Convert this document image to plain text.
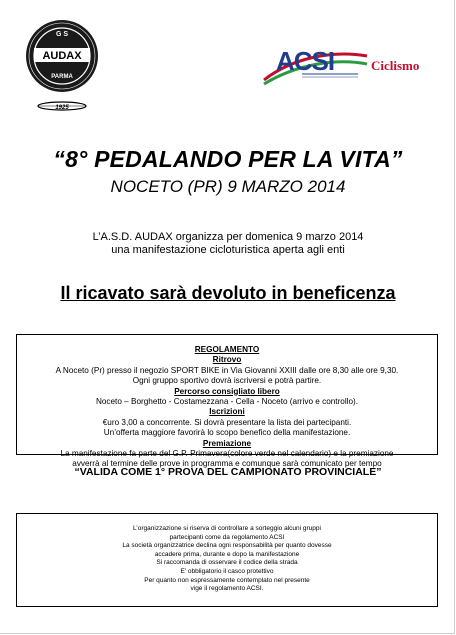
G S
AUDAX
PARMA
1925
ACSI	Ciclismo
“8° PEDALANDO PER LA VITA”
NOCETO (PR) 9 MARZO 2014
L’A.S.D. AUDAX organizza per domenica 9 marzo 2014
una manifestazione cicloturistica aperta agli enti
Il ricavato sarà devoluto in beneficenza
REGOLAMENTO
Ritrovo
A Noceto (Pr) presso il negozio SPORT BIKE in Via Giovanni XXIII dalle ore 8,30 alle ore 9,30.
Ogni gruppo sportivo dovrà iscriversi e potrà partire.
Percorso consigliato libero
Noceto – Borghetto - Costamezzana - Cella - Noceto (arrivo e controllo).
Iscrizioni
€uro 3,00 a concorrente. Si dovrà presentare la lista dei partecipanti.
Un’offerta maggiore favorirà lo scopo benefico della manifestazione.
Premiazione
La manifestazione fa parte del G.P. Primavera(colore verde nel calendario) e la premiazione
avverrà al termine delle prove in programma e comunque sarà comunicato per tempo
“VALIDA COME 1° PROVA DEL CAMPIONATO PROVINCIALE”
L’organizzazione si riserva di controllare a sorteggio alcuni gruppi
partecipanti come da regolamento ACSI
La società organizzatrice declina ogni responsabilità per quanto dovesse
accadere prima, durante e dopo la manifestazione
Si raccomanda di osservare il codice della strada
E’ obbligatorio il casco protettivo
Per quanto non espressamente contemplato nel presente
vige il regolamento ACSI.
